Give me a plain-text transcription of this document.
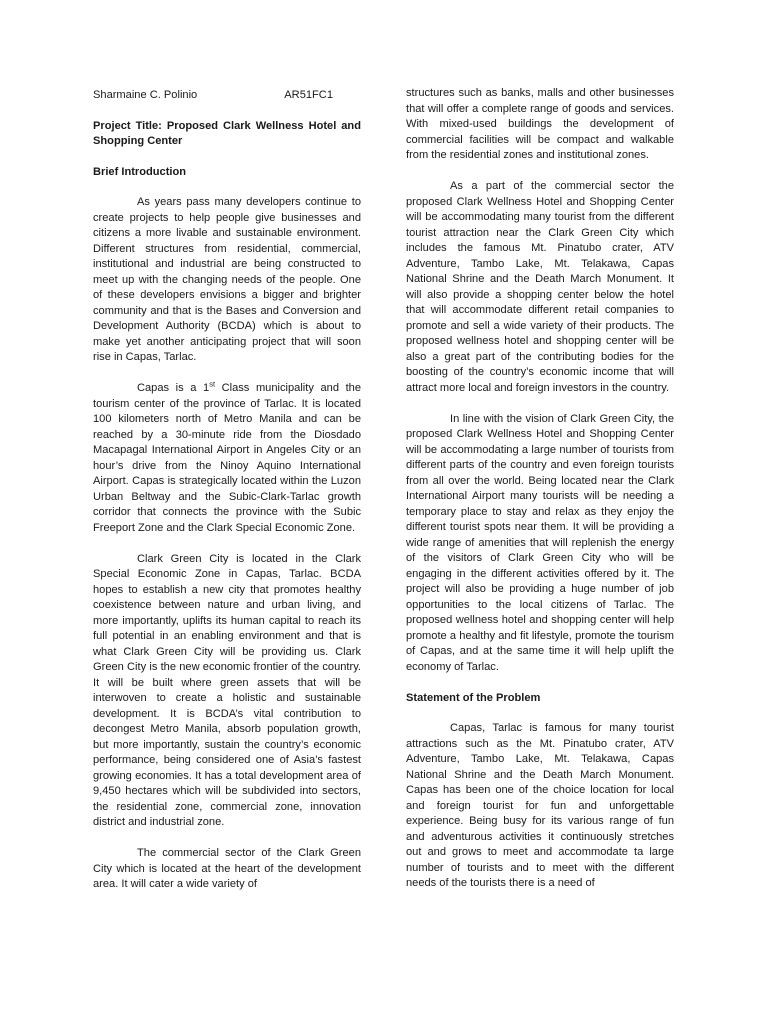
Sharmaine C. Polinio	AR51FC1
Project Title: Proposed Clark Wellness Hotel and Shopping Center
Brief Introduction

As years pass many developers continue to create projects to help people give businesses and citizens a more livable and sustainable environment. Different structures from residential, commercial, institutional and industrial are being constructed to meet up with the changing needs of the people. One of these developers envisions a bigger and brighter community and that is the Bases and Conversion and Development Authority (BCDA) which is about to make yet another anticipating project that will soon rise in Capas, Tarlac.

Capas is a 1st Class municipality and the tourism center of the province of Tarlac. It is located 100 kilometers north of Metro Manila and can be reached by a 30-minute ride from the Diosdado Macapagal International Airport in Angeles City or an hour’s drive from the Ninoy Aquino International Airport. Capas is strategically located within the Luzon Urban Beltway and the Subic-Clark-Tarlac growth corridor that connects the province with the Subic Freeport Zone and the Clark Special Economic Zone.

Clark Green City is located in the Clark Special Economic Zone in Capas, Tarlac. BCDA hopes to establish a new city that promotes healthy coexistence between nature and urban living, and more importantly, uplifts its human capital to reach its full potential in an enabling environment and that is what Clark Green City will be providing us. Clark Green City is the new economic frontier of the country. It will be built where green assets that will be interwoven to create a holistic and sustainable development. It is BCDA’s vital contribution to decongest Metro Manila, absorb population growth, but more importantly, sustain the country’s economic performance, being considered one of Asia’s fastest growing economies. It has a total development area of 9,450 hectares which will be subdivided into sectors, the residential zone, commercial zone, innovation district and industrial zone.

The commercial sector of the Clark Green City which is located at the heart of the development area. It will cater a wide variety of

structures such as banks, malls and other businesses that will offer a complete range of goods and services. With mixed-used buildings the development of commercial facilities will be compact and walkable from the residential zones and institutional zones.

As a part of the commercial sector the proposed Clark Wellness Hotel and Shopping Center will be accommodating many tourist from the different tourist attraction near the Clark Green City which includes the famous Mt. Pinatubo crater, ATV Adventure, Tambo Lake, Mt. Telakawa, Capas National Shrine and the Death March Monument. It will also provide a shopping center below the hotel that will accommodate different retail companies to promote and sell a wide variety of their products. The proposed wellness hotel and shopping center will be also a great part of the contributing bodies for the boosting of the country’s economic income that will attract more local and foreign investors in the country.

In line with the vision of Clark Green City, the proposed Clark Wellness Hotel and Shopping Center will be accommodating a large number of tourists from different parts of the country and even foreign tourists from all over the world. Being located near the Clark International Airport many tourists will be needing a temporary place to stay and relax as they enjoy the different tourist spots near them. It will be providing a wide range of amenities that will replenish the energy of the visitors of Clark Green City who will be engaging in the different activities offered by it. The project will also be providing a huge number of job opportunities to the local citizens of Tarlac. The proposed wellness hotel and shopping center will help promote a healthy and fit lifestyle, promote the tourism of Capas, and at the same time it will help uplift the economy of Tarlac.

Statement of the Problem

Capas, Tarlac is famous for many tourist attractions such as the Mt. Pinatubo crater, ATV Adventure, Tambo Lake, Mt. Telakawa, Capas National Shrine and the Death March Monument. Capas has been one of the choice location for local and foreign tourist for fun and unforgettable experience. Being busy for its various range of fun and adventurous activities it continuously stretches out and grows to meet and accommodate ta large number of tourists and to meet with the different needs of the tourists there is a need of
